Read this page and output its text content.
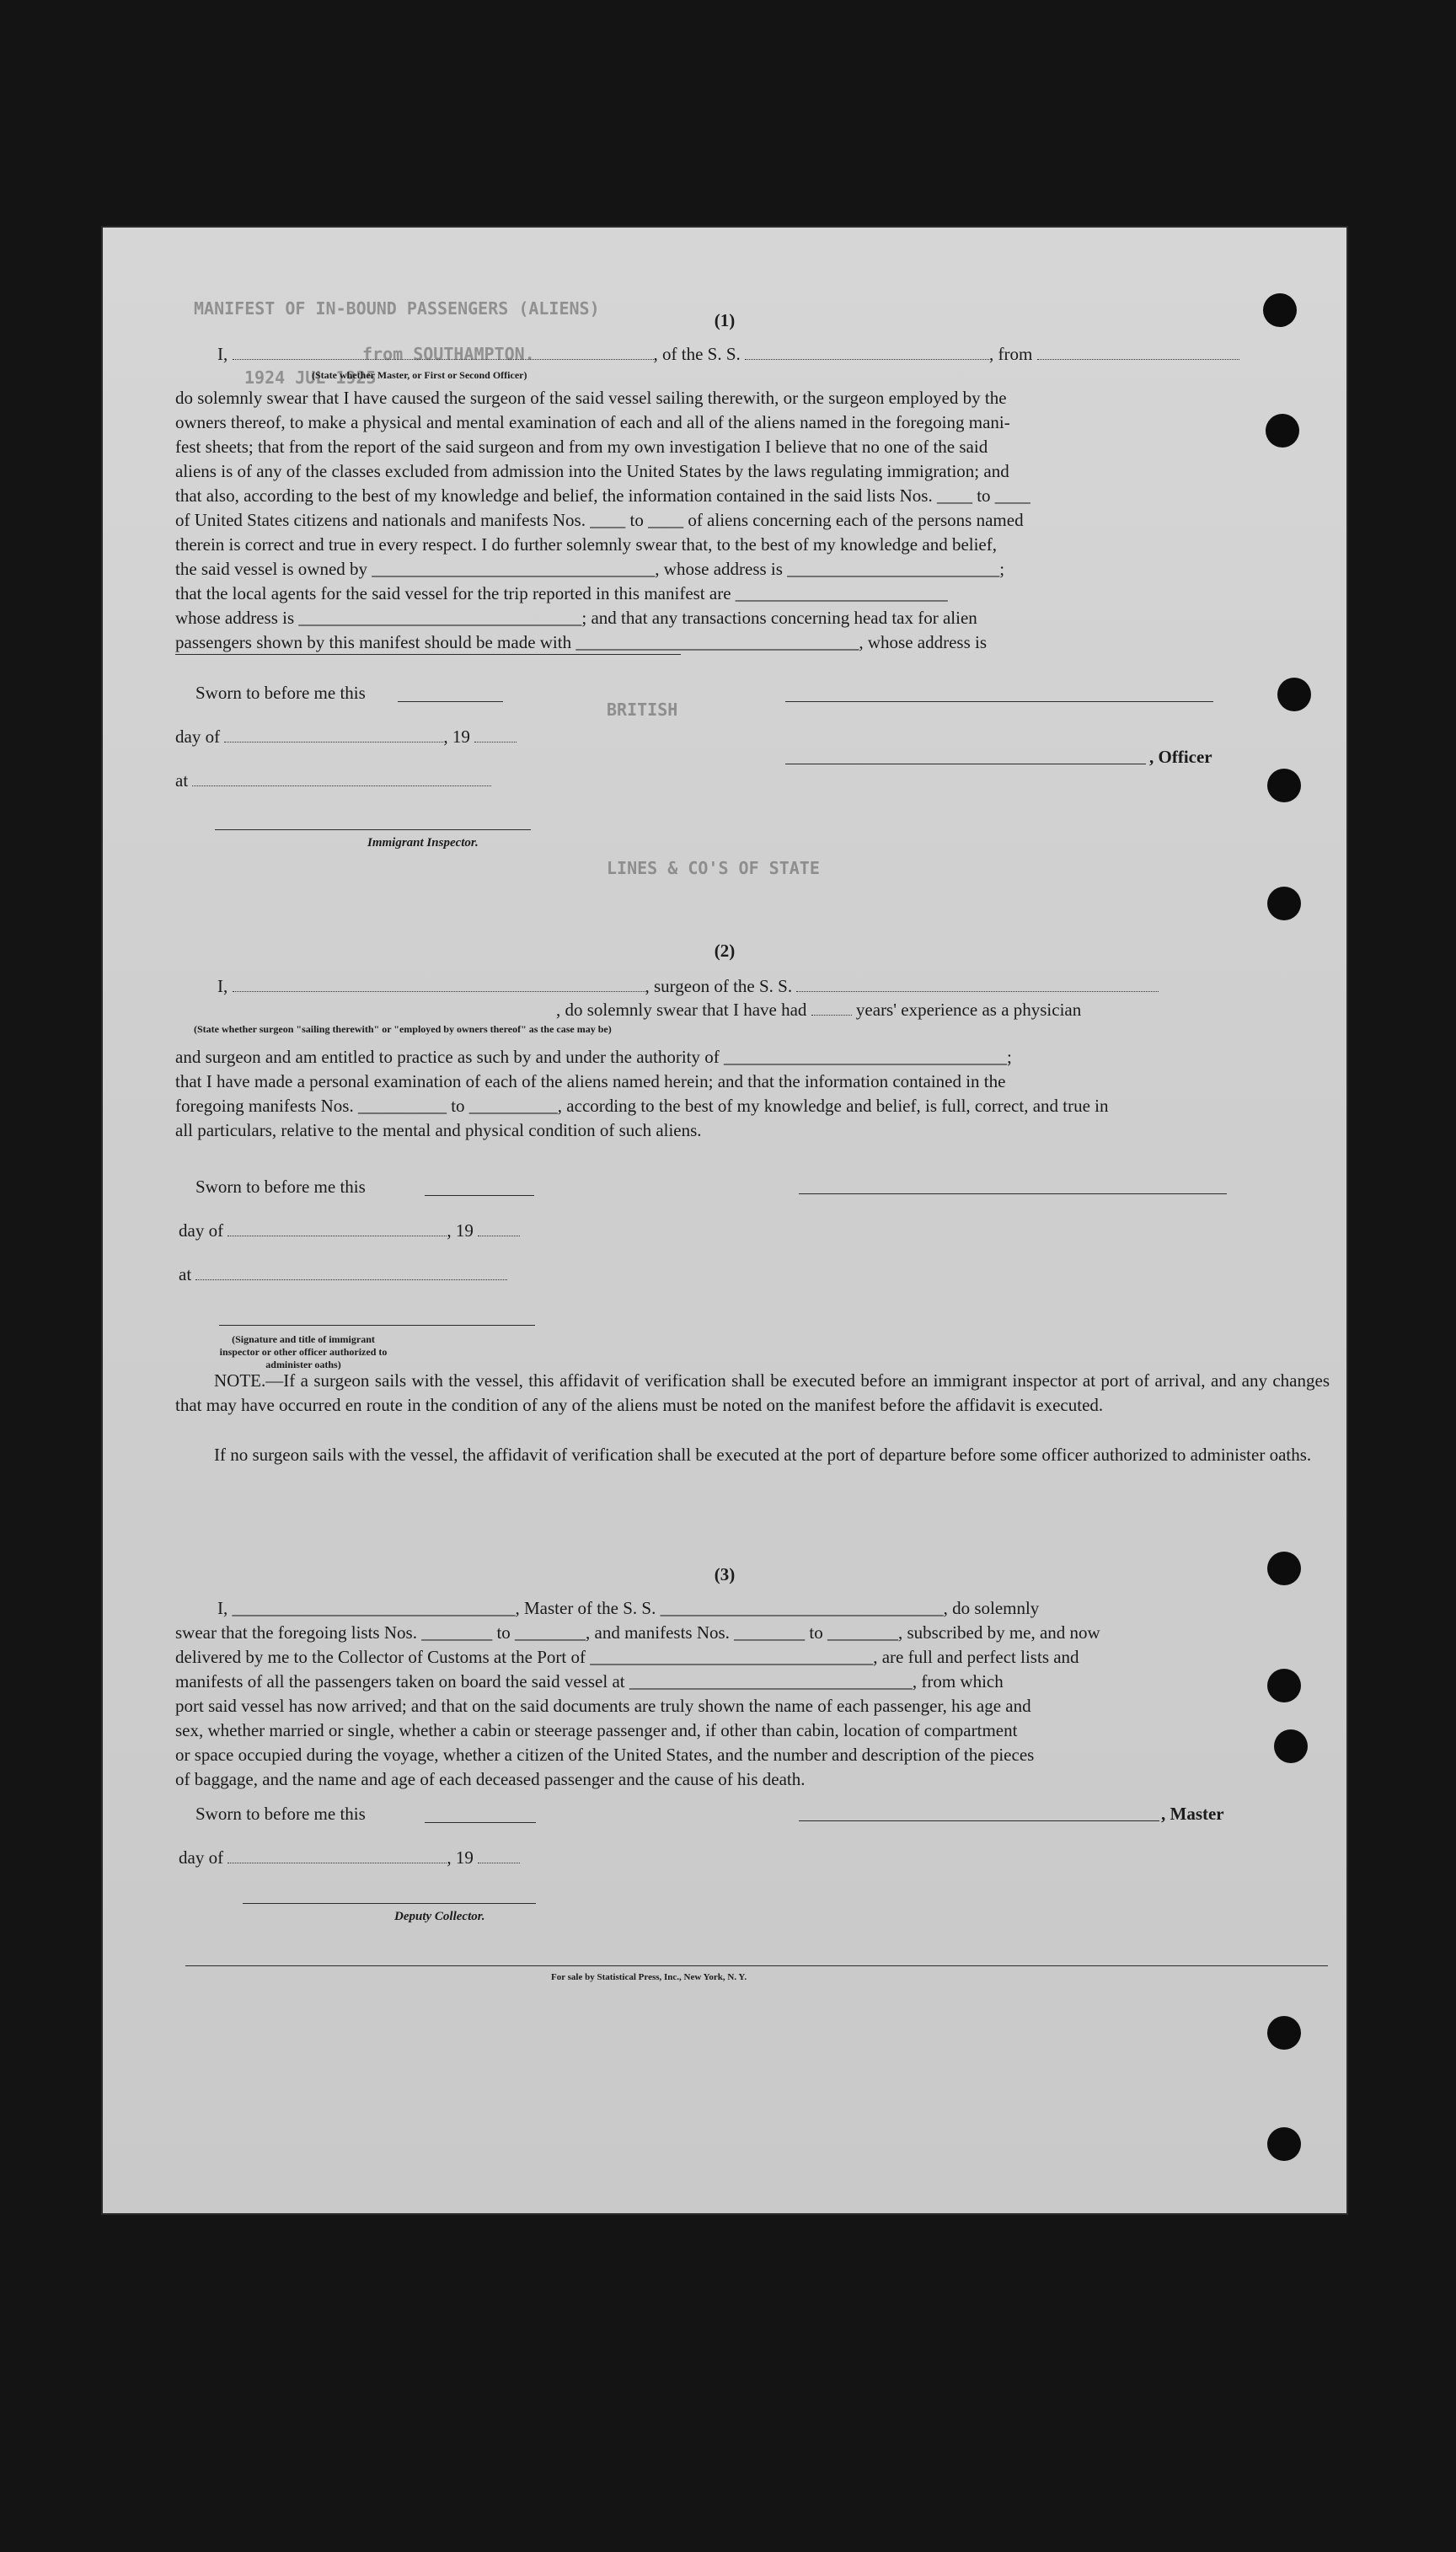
MANIFEST OF IN-BOUND PASSENGERS (ALIENS)
from SOUTHAMPTON.
1924 JUL 1925
BRITISH
LINES & CO'S OF STATE
(1)
I,	, of the S. S.	, from
(State whether Master, or First or Second Officer)
do solemnly swear that I have caused the surgeon of the said vessel sailing therewith, or the surgeon employed by the
owners thereof, to make a physical and mental examination of each and all of the aliens named in the foregoing mani-
fest sheets; that from the report of the said surgeon and from my own investigation I believe that no one of the said
aliens is of any of the classes excluded from admission into the United States by the laws regulating immigration; and
that also, according to the best of my knowledge and belief, the information contained in the said lists Nos. ____ to ____
of United States citizens and nationals and manifests Nos. ____ to ____ of aliens concerning each of the persons named
therein is correct and true in every respect. I do further solemnly swear that, to the best of my knowledge and belief,
the said vessel is owned by ________________________________, whose address is ________________________;
that the local agents for the said vessel for the trip reported in this manifest are ________________________
whose address is ________________________________; and that any transactions concerning head tax for alien
passengers shown by this manifest should be made with ________________________________, whose address is
Sworn to before me this
day of	, 19
, Officer
at
Immigrant Inspector.
(2)
I,	, surgeon of the S. S.
, do solemnly swear that I have had	years' experience as a physician
(State whether surgeon "sailing therewith" or "employed by owners thereof" as the case may be)
and surgeon and am entitled to practice as such by and under the authority of ________________________________;
that I have made a personal examination of each of the aliens named herein; and that the information contained in the
foregoing manifests Nos. __________ to __________, according to the best of my knowledge and belief, is full, correct, and true in
all particulars, relative to the mental and physical condition of such aliens.
Sworn to before me this
day of	, 19
at
(Signature and title of immigrant inspector or other officer authorized to administer oaths)
NOTE.—If a surgeon sails with the vessel, this affidavit of verification shall be executed before an immigrant inspector at port of arrival, and any changes that may have occurred en route in the condition of any of the aliens must be noted on the manifest before the affidavit is executed.
If no surgeon sails with the vessel, the affidavit of verification shall be executed at the port of departure before some officer authorized to administer oaths.
(3)
I, ________________________________, Master of the S. S. ________________________________, do solemnly
swear that the foregoing lists Nos. ________ to ________, and manifests Nos. ________ to ________, subscribed by me, and now
delivered by me to the Collector of Customs at the Port of ________________________________, are full and perfect lists and
manifests of all the passengers taken on board the said vessel at ________________________________, from which
port said vessel has now arrived; and that on the said documents are truly shown the name of each passenger, his age and
sex, whether married or single, whether a cabin or steerage passenger and, if other than cabin, location of compartment
or space occupied during the voyage, whether a citizen of the United States, and the number and description of the pieces
of baggage, and the name and age of each deceased passenger and the cause of his death.
Sworn to before me this	, Master
day of	, 19
Deputy Collector.
For sale by Statistical Press, Inc., New York, N. Y.
